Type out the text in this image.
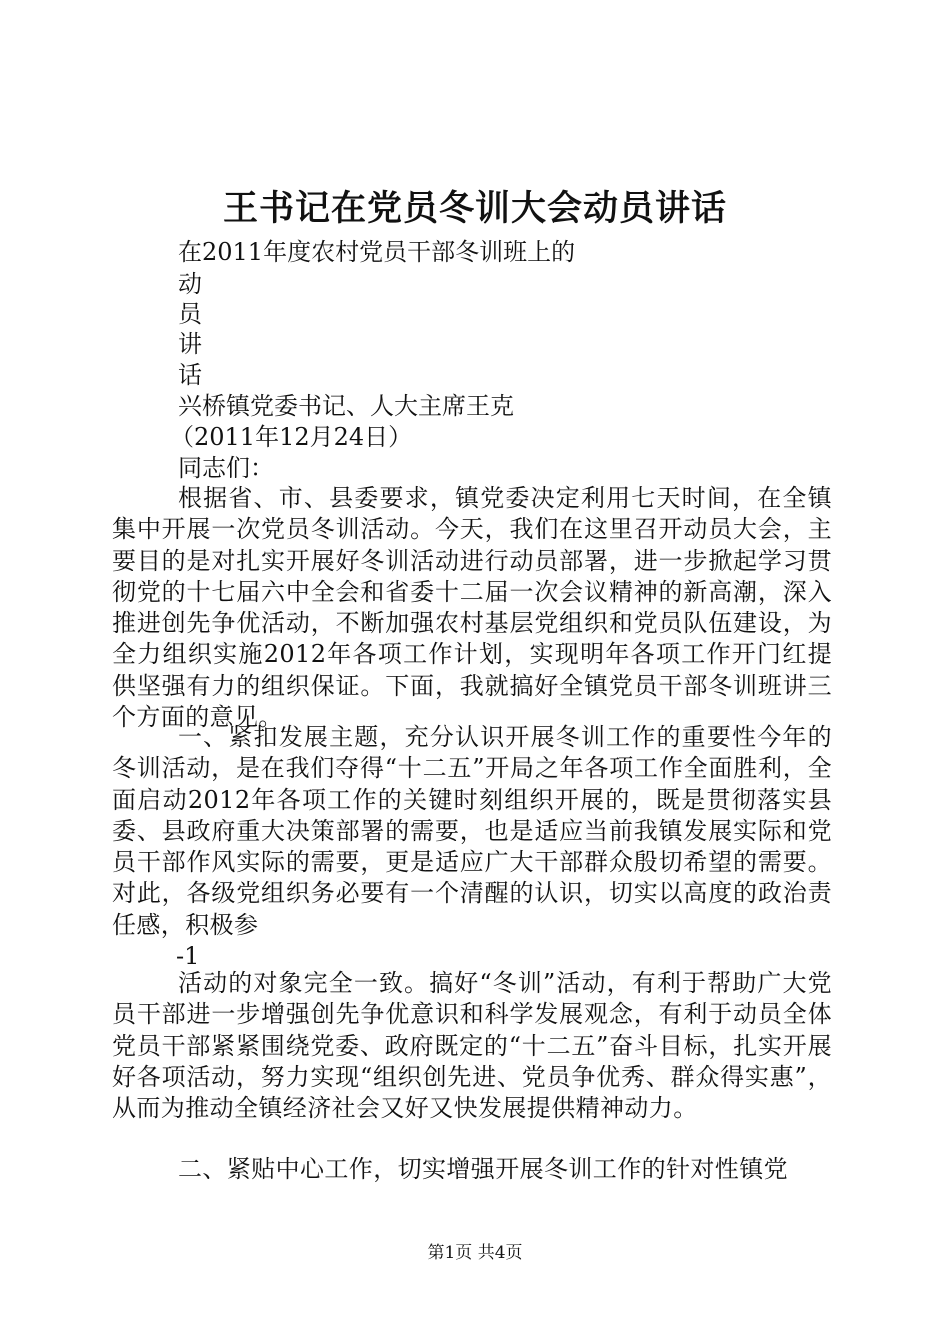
王书记在党员冬训大会动员讲话
在2011年度农村党员干部冬训班上的
动
员
讲
话
兴桥镇党委书记、人大主席王克
（2011年12月24日）
同志们：
根据省、市、县委要求，镇党委决定利用七天时间，在全镇集中开展一次党员冬训活动。今天，我们在这里召开动员大会，主要目的是对扎实开展好冬训活动进行动员部署，进一步掀起学习贯彻党的十七届六中全会和省委十二届一次会议精神的新高潮，深入推进创先争优活动，不断加强农村基层党组织和党员队伍建设，为全力组织实施2012年各项工作计划，实现明年各项工作开门红提供坚强有力的组织保证。下面，我就搞好全镇党员干部冬训班讲三个方面的意见。
一、紧扣发展主题，充分认识开展冬训工作的重要性今年的冬训活动，是在我们夺得“十二五”开局之年各项工作全面胜利，全面启动2012年各项工作的关键时刻组织开展的，既是贯彻落实县委、县政府重大决策部署的需要，也是适应当前我镇发展实际和党员干部作风实际的需要，更是适应广大干部群众殷切希望的需要。对此，各级党组织务必要有一个清醒的认识，切实以高度的政治责任感，积极参
-1
活动的对象完全一致。搞好“冬训”活动，有利于帮助广大党员干部进一步增强创先争优意识和科学发展观念，有利于动员全体党员干部紧紧围绕党委、政府既定的“十二五”奋斗目标，扎实开展好各项活动，努力实现“组织创先进、党员争优秀、群众得实惠”，从而为推动全镇经济社会又好又快发展提供精神动力。
二、紧贴中心工作，切实增强开展冬训工作的针对性镇党
第1页 共4页
